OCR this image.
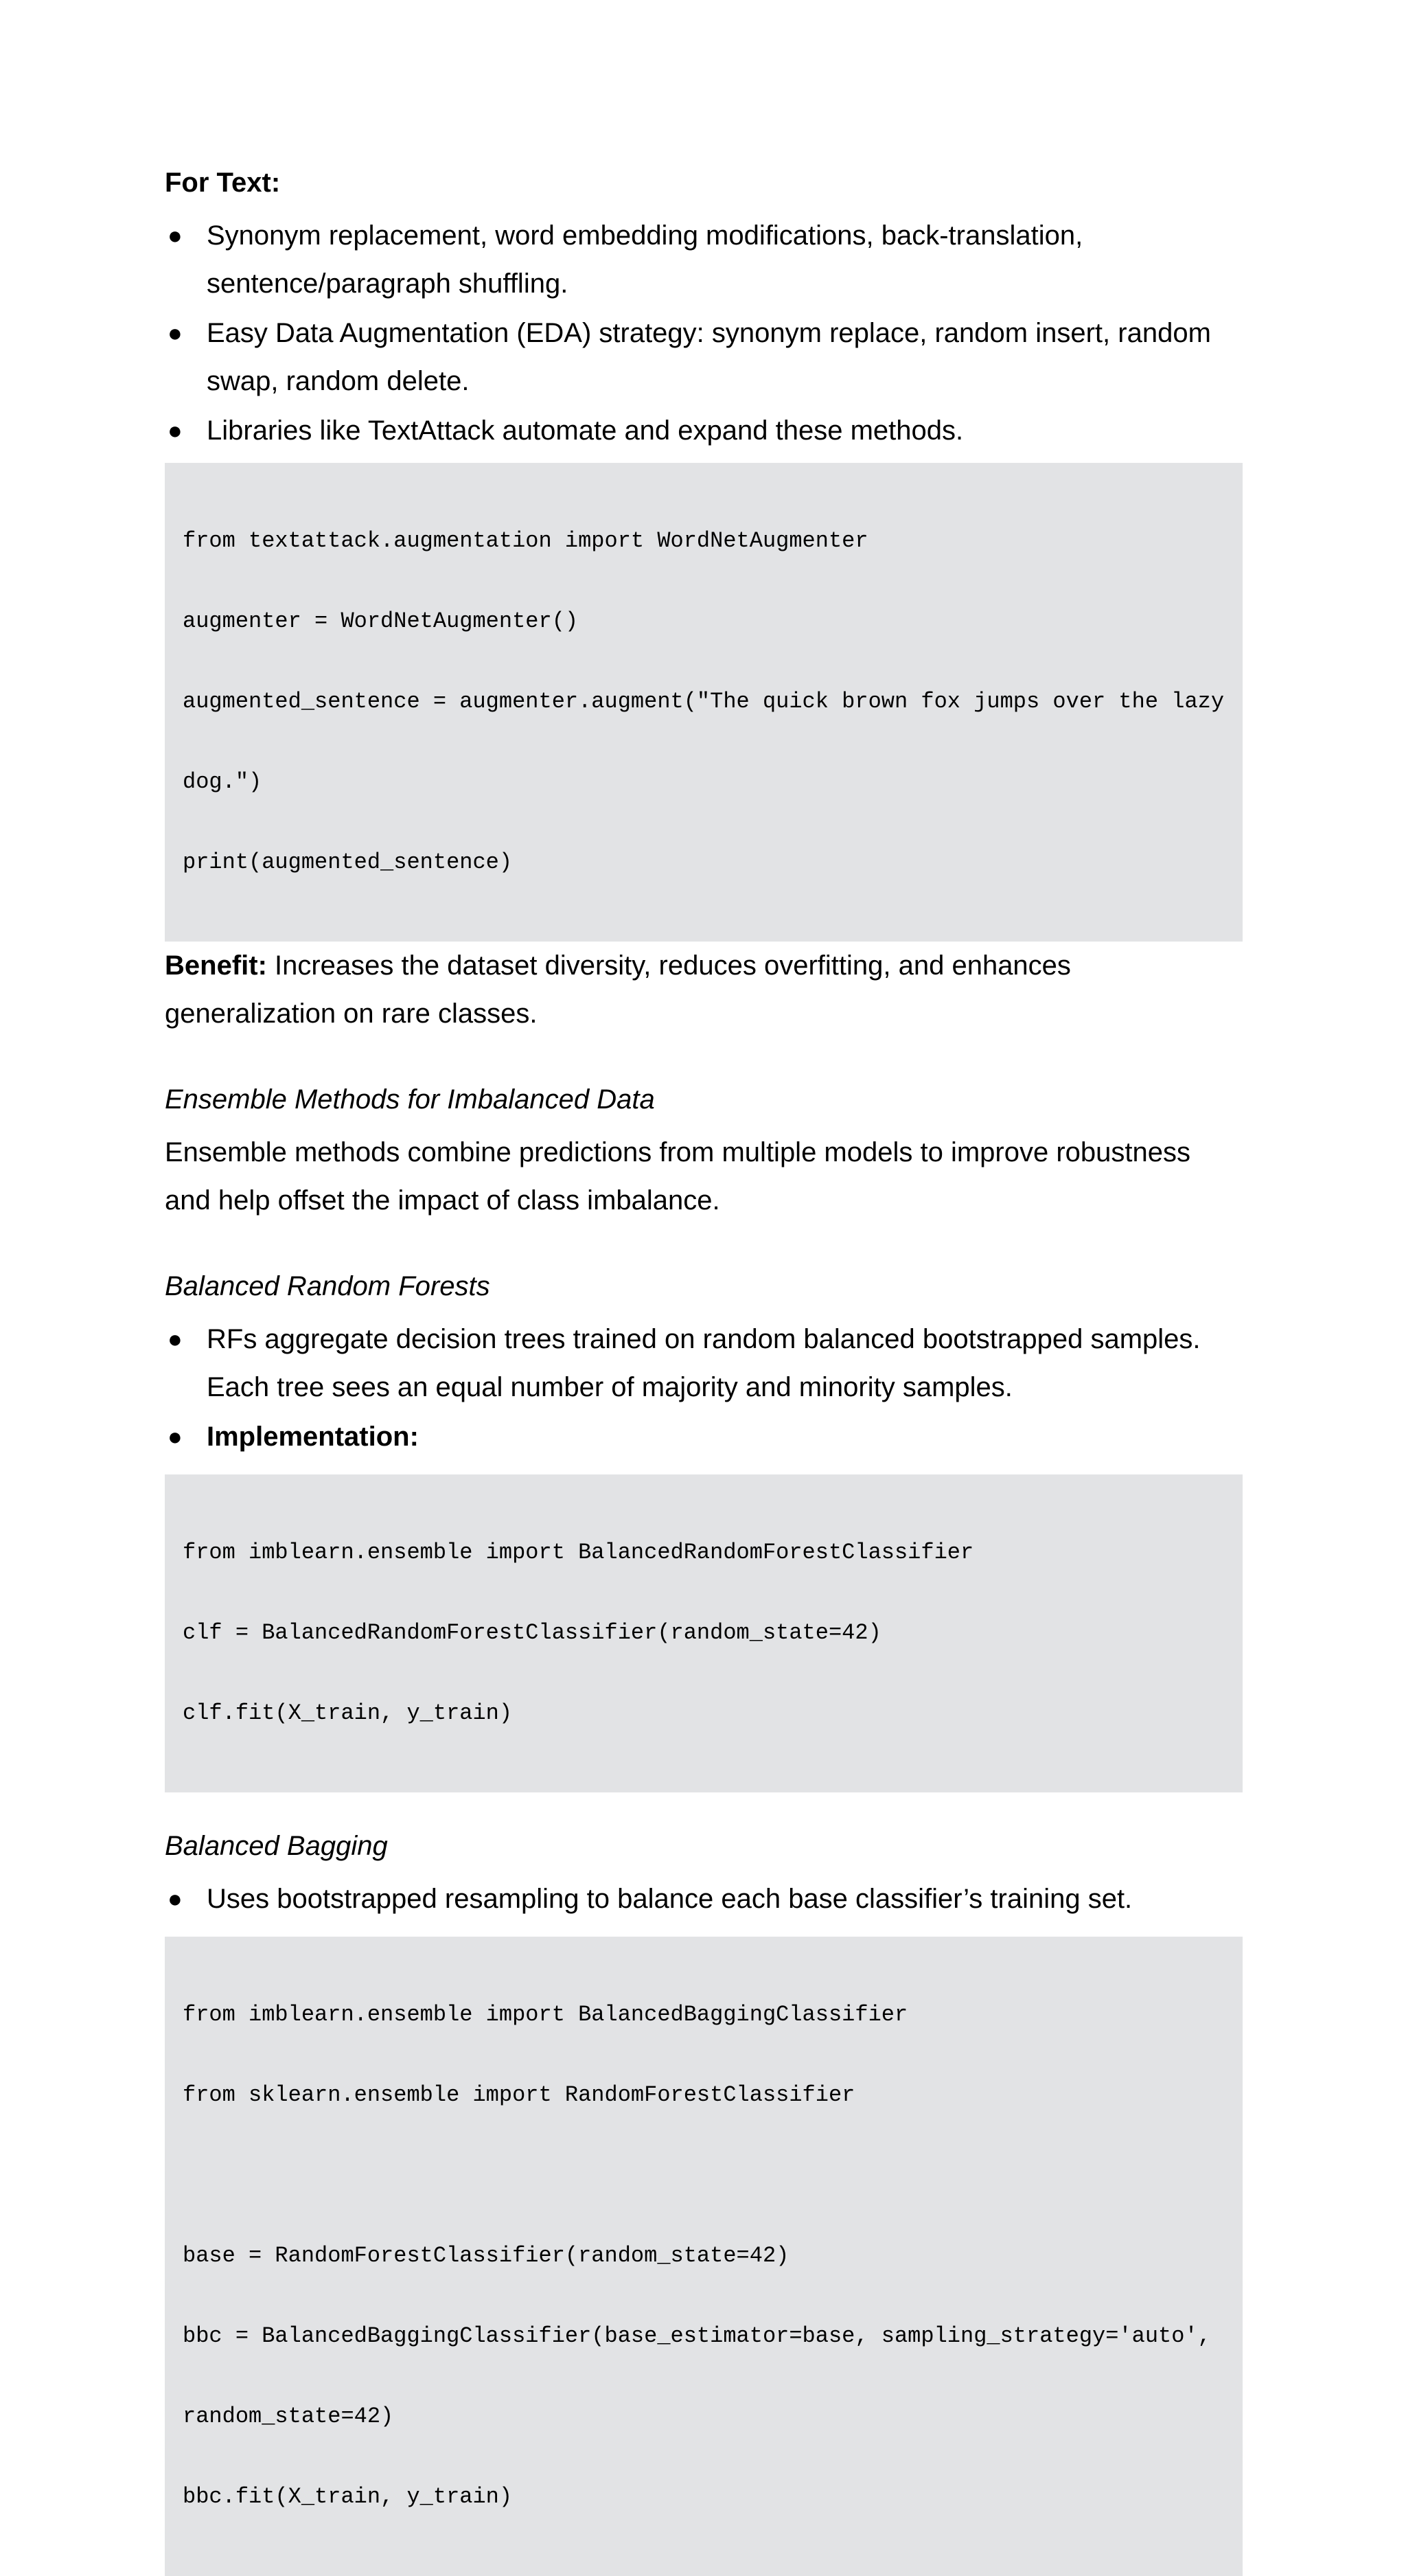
For Text:

● Synonym replacement, word embedding modifications, back-translation, sentence/paragraph shuffling.
● Easy Data Augmentation (EDA) strategy: synonym replace, random insert, random swap, random delete.
● Libraries like TextAttack automate and expand these methods.

from textattack.augmentation import WordNetAugmenter

augmenter = WordNetAugmenter()

augmented_sentence = augmenter.augment("The quick brown fox jumps over the lazy

dog.")

print(augmented_sentence)

Benefit: Increases the dataset diversity, reduces overfitting, and enhances generalization on rare classes.

Ensemble Methods for Imbalanced Data

Ensemble methods combine predictions from multiple models to improve robustness and help offset the impact of class imbalance.

Balanced Random Forests

● RFs aggregate decision trees trained on random balanced bootstrapped samples. Each tree sees an equal number of majority and minority samples.
● Implementation:

from imblearn.ensemble import BalancedRandomForestClassifier

clf = BalancedRandomForestClassifier(random_state=42)

clf.fit(X_train, y_train)

Balanced Bagging

● Uses bootstrapped resampling to balance each base classifier’s training set.

from imblearn.ensemble import BalancedBaggingClassifier

from sklearn.ensemble import RandomForestClassifier

base = RandomForestClassifier(random_state=42)

bbc = BalancedBaggingClassifier(base_estimator=base, sampling_strategy='auto',

random_state=42)

bbc.fit(X_train, y_train)
